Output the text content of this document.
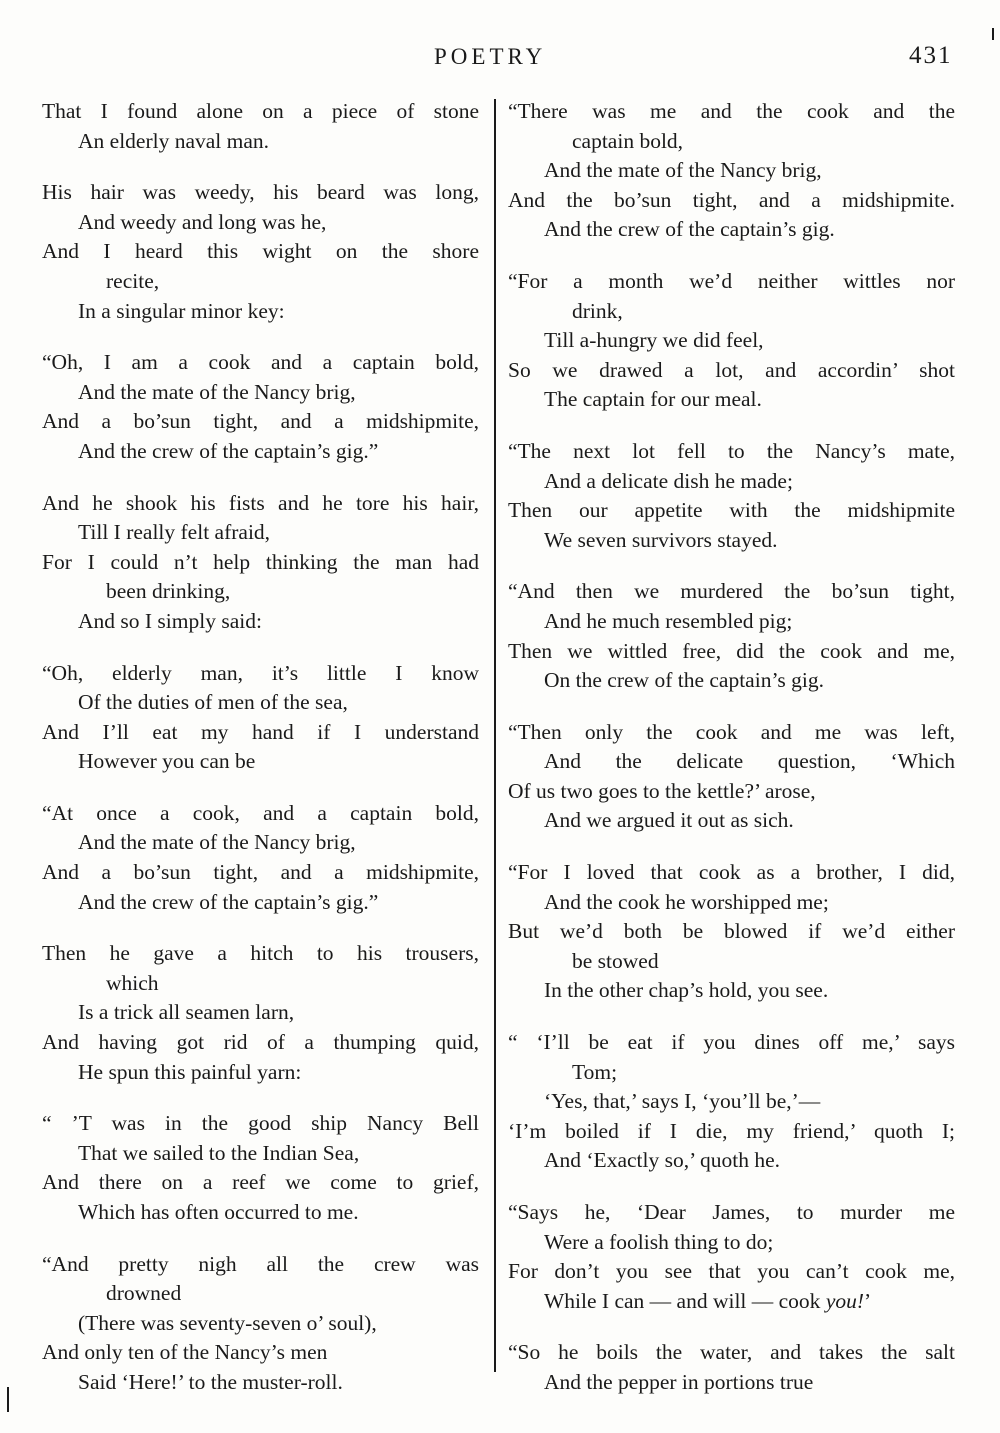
POETRY	431
That I found alone on a piece of stone
An elderly naval man.
His hair was weedy, his beard was long,
And weedy and long was he,
And I heard this wight on the shore
recite,
In a singular minor key:
“Oh, I am a cook and a captain bold,
And the mate of the Nancy brig,
And a bo’sun tight, and a midshipmite,
And the crew of the captain’s gig.”
And he shook his fists and he tore his hair,
Till I really felt afraid,
For I could n’t help thinking the man had
been drinking,
And so I simply said:
“Oh, elderly man, it’s little I know
Of the duties of men of the sea,
And I’ll eat my hand if I understand
However you can be
“At once a cook, and a captain bold,
And the mate of the Nancy brig,
And a bo’sun tight, and a midshipmite,
And the crew of the captain’s gig.”
Then he gave a hitch to his trousers,
which
Is a trick all seamen larn,
And having got rid of a thumping quid,
He spun this painful yarn:
“ ’T was in the good ship Nancy Bell
That we sailed to the Indian Sea,
And there on a reef we come to grief,
Which has often occurred to me.
“And pretty nigh all the crew was
drowned
(There was seventy-seven o’ soul),
And only ten of the Nancy’s men
Said ‘Here!’ to the muster-roll.
“There was me and the cook and the
captain bold,
And the mate of the Nancy brig,
And the bo’sun tight, and a midshipmite.
And the crew of the captain’s gig.
“For a month we’d neither wittles nor
drink,
Till a-hungry we did feel,
So we drawed a lot, and accordin’ shot
The captain for our meal.
“The next lot fell to the Nancy’s mate,
And a delicate dish he made;
Then our appetite with the midshipmite
We seven survivors stayed.
“And then we murdered the bo’sun tight,
And he much resembled pig;
Then we wittled free, did the cook and me,
On the crew of the captain’s gig.
“Then only the cook and me was left,
And the delicate question, ‘Which
Of us two goes to the kettle?’ arose,
And we argued it out as sich.
“For I loved that cook as a brother, I did,
And the cook he worshipped me;
But we’d both be blowed if we’d either
be stowed
In the other chap’s hold, you see.
“ ‘I’ll be eat if you dines off me,’ says
Tom;
‘Yes, that,’ says I, ‘you’ll be,’—
‘I’m boiled if I die, my friend,’ quoth I;
And ‘Exactly so,’ quoth he.
“Says he, ‘Dear James, to murder me
Were a foolish thing to do;
For don’t you see that you can’t cook me,
While I can — and will — cook you!’
“So he boils the water, and takes the salt
And the pepper in portions true
